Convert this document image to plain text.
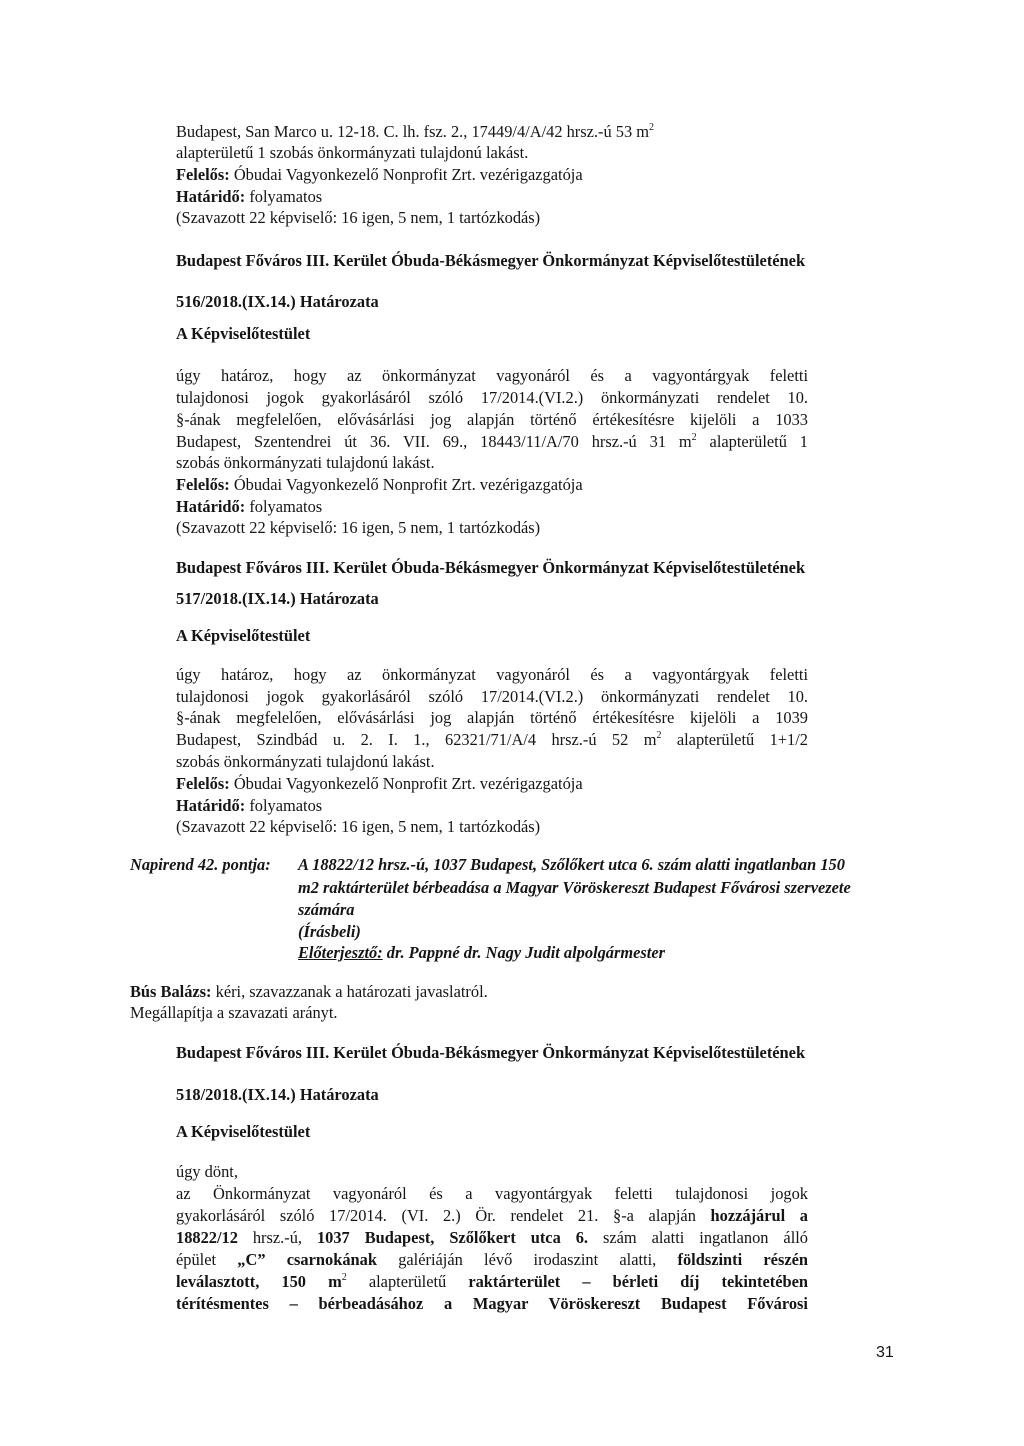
Budapest, San Marco u. 12-18. C. lh. fsz. 2., 17449/4/A/42 hrsz.-ú 53 $m^2$
alapterületű 1 szobás önkormányzati tulajdonú lakást.
Felelős: Óbudai Vagyonkezelő Nonprofit Zrt. vezérigazgatója
Határidő: folyamatos
(Szavazott 22 képviselő: 16 igen, 5 nem, 1 tartózkodás)
Budapest Főváros III. Kerület Óbuda-Békásmegyer Önkormányzat Képviselőtestületének
516/2018.(IX.14.) Határozata
A Képviselőtestület
úgy határoz, hogy az önkormányzat vagyonáról és a vagyontárgyak feletti
tulajdonosi jogok gyakorlásáról szóló 17/2014.(VI.2.) önkormányzati rendelet 10.
§-ának megfelelően, elővásárlási jog alapján történő értékesítésre kijelöli a 1033
Budapest, Szentendrei út 36. VII. 69., 18443/11/A/70 hrsz.-ú 31 $m^2$ alapterületű 1
szobás önkormányzati tulajdonú lakást.
Felelős: Óbudai Vagyonkezelő Nonprofit Zrt. vezérigazgatója
Határidő: folyamatos
(Szavazott 22 képviselő: 16 igen, 5 nem, 1 tartózkodás)
Budapest Főváros III. Kerület Óbuda-Békásmegyer Önkormányzat Képviselőtestületének
517/2018.(IX.14.) Határozata
A Képviselőtestület
úgy határoz, hogy az önkormányzat vagyonáról és a vagyontárgyak feletti
tulajdonosi jogok gyakorlásáról szóló 17/2014.(VI.2.) önkormányzati rendelet 10.
§-ának megfelelően, elővásárlási jog alapján történő értékesítésre kijelöli a 1039
Budapest, Szindbád u. 2. I. 1., 62321/71/A/4 hrsz.-ú 52 $m^2$ alapterületű 1+1/2
szobás önkormányzati tulajdonú lakást.
Felelős: Óbudai Vagyonkezelő Nonprofit Zrt. vezérigazgatója
Határidő: folyamatos
(Szavazott 22 képviselő: 16 igen, 5 nem, 1 tartózkodás)
Napirend 42. pontja: A 18822/12 hrsz.-ú, 1037 Budapest, Szőlőkert utca 6. szám alatti ingatlanban 150
m2 raktárterület bérbeadása a Magyar Vöröskereszt Budapest Fővárosi szervezete
számára
(Írásbeli)
Előterjesztő: dr. Pappné dr. Nagy Judit alpolgármester
Bús Balázs: kéri, szavazzanak a határozati javaslatról.
Megállapítja a szavazati arányt.
Budapest Főváros III. Kerület Óbuda-Békásmegyer Önkormányzat Képviselőtestületének
518/2018.(IX.14.) Határozata
A Képviselőtestület
úgy dönt,
az Önkormányzat vagyonáról és a vagyontárgyak feletti tulajdonosi jogok
gyakorlásáról szóló 17/2014. (VI. 2.) Ör. rendelet 21. §-a alapján hozzájárul a
18822/12 hrsz.-ú, 1037 Budapest, Szőlőkert utca 6. szám alatti ingatlanon álló
épület „C” csarnokának galériáján lévő irodaszint alatti, földszinti részén
leválasztott, 150 $m^2$ alapterületű raktárterület – bérleti díj tekintetében
térítésmentes – bérbeadásához a Magyar Vöröskereszt Budapest Fővárosi
31
